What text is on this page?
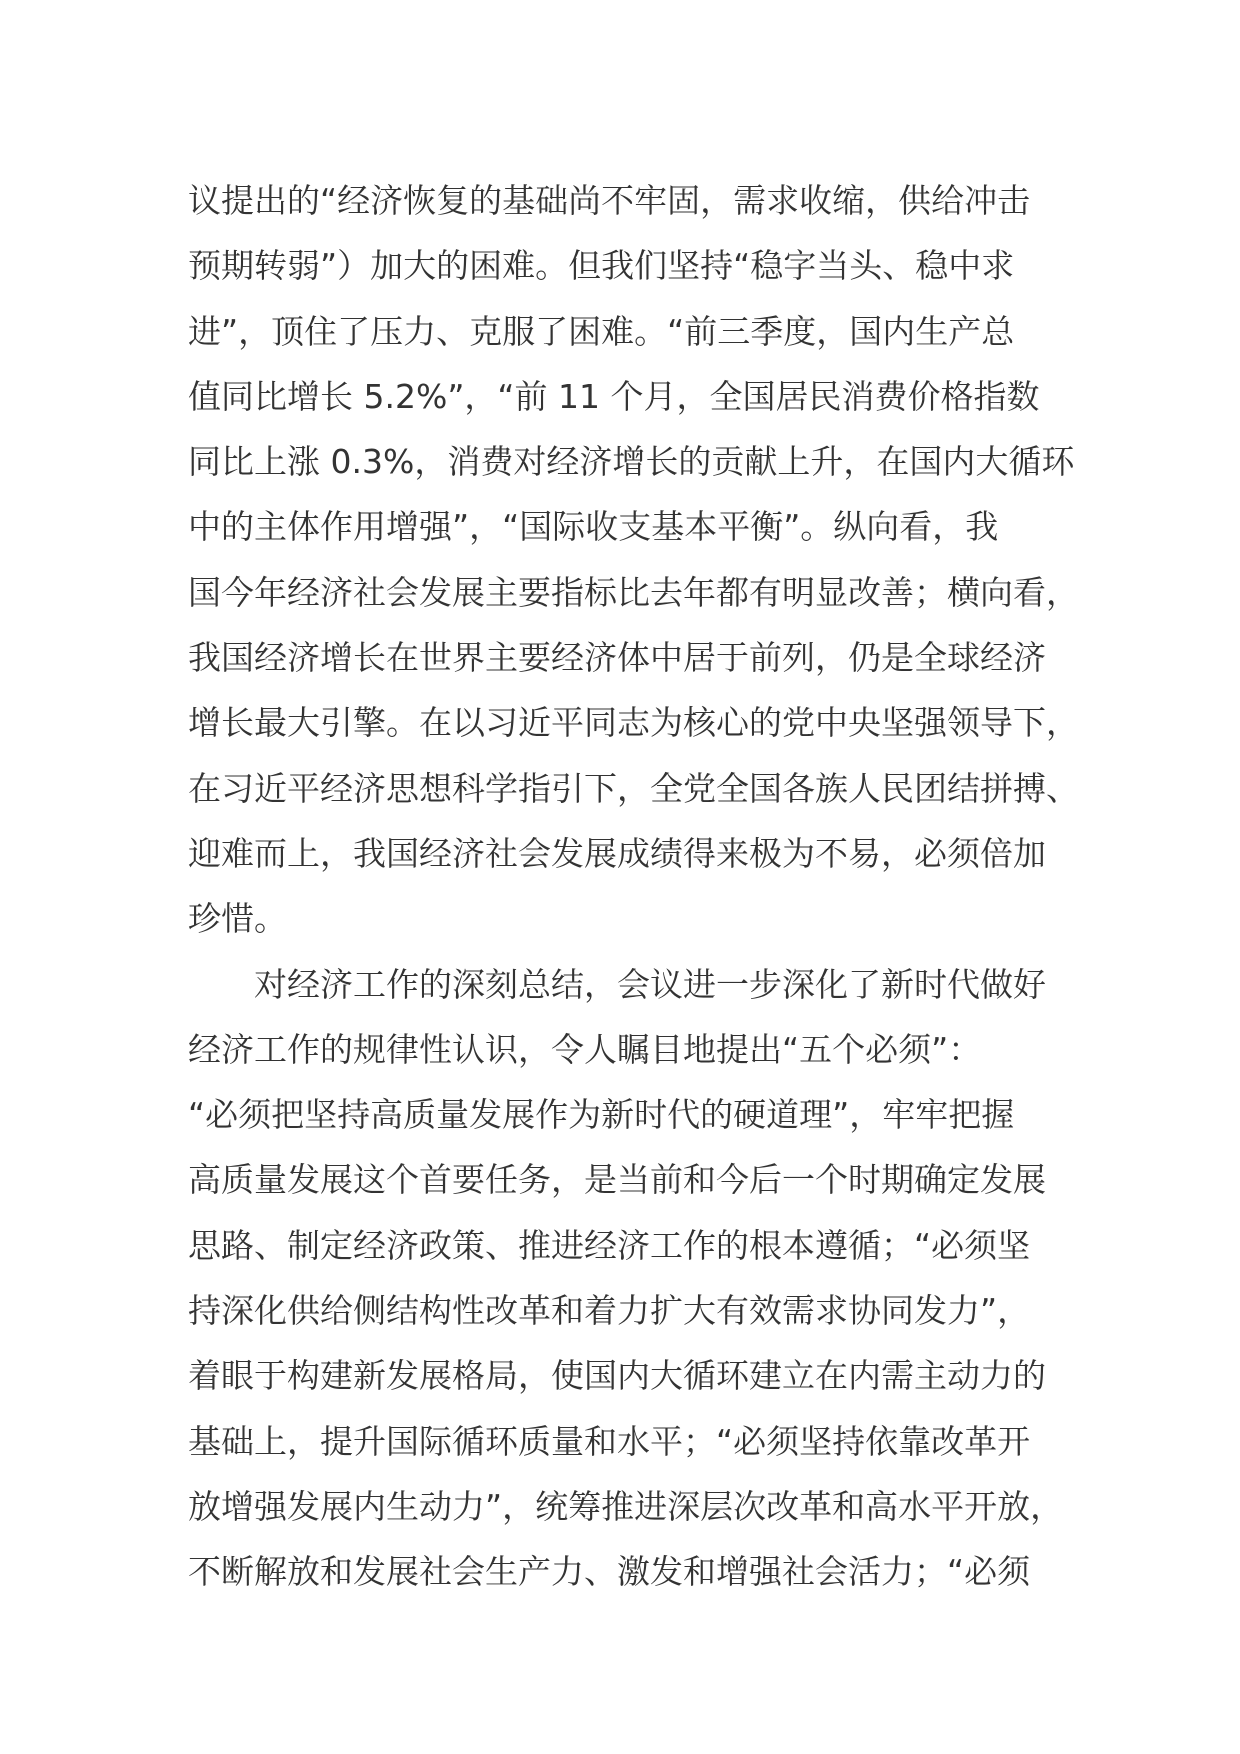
议提出的“经济恢复的基础尚不牢固，需求收缩，供给冲击
预期转弱”）加大的困难。但我们坚持“稳字当头、稳中求
进”，顶住了压力、克服了困难。“前三季度，国内生产总
值同比增长 5.2%”，“前 11 个月，全国居民消费价格指数
同比上涨 0.3%，消费对经济增长的贡献上升，在国内大循环
中的主体作用增强”，“国际收支基本平衡”。纵向看，我
国今年经济社会发展主要指标比去年都有明显改善；横向看，
我国经济增长在世界主要经济体中居于前列，仍是全球经济
增长最大引擎。在以习近平同志为核心的党中央坚强领导下，
在习近平经济思想科学指引下，全党全国各族人民团结拼搏、
迎难而上，我国经济社会发展成绩得来极为不易，必须倍加
珍惜。
　　对经济工作的深刻总结，会议进一步深化了新时代做好
经济工作的规律性认识，令人瞩目地提出“五个必须”：
“必须把坚持高质量发展作为新时代的硬道理”，牢牢把握
高质量发展这个首要任务，是当前和今后一个时期确定发展
思路、制定经济政策、推进经济工作的根本遵循；“必须坚
持深化供给侧结构性改革和着力扩大有效需求协同发力”，
着眼于构建新发展格局，使国内大循环建立在内需主动力的
基础上，提升国际循环质量和水平；“必须坚持依靠改革开
放增强发展内生动力”，统筹推进深层次改革和高水平开放，
不断解放和发展社会生产力、激发和增强社会活力；“必须
